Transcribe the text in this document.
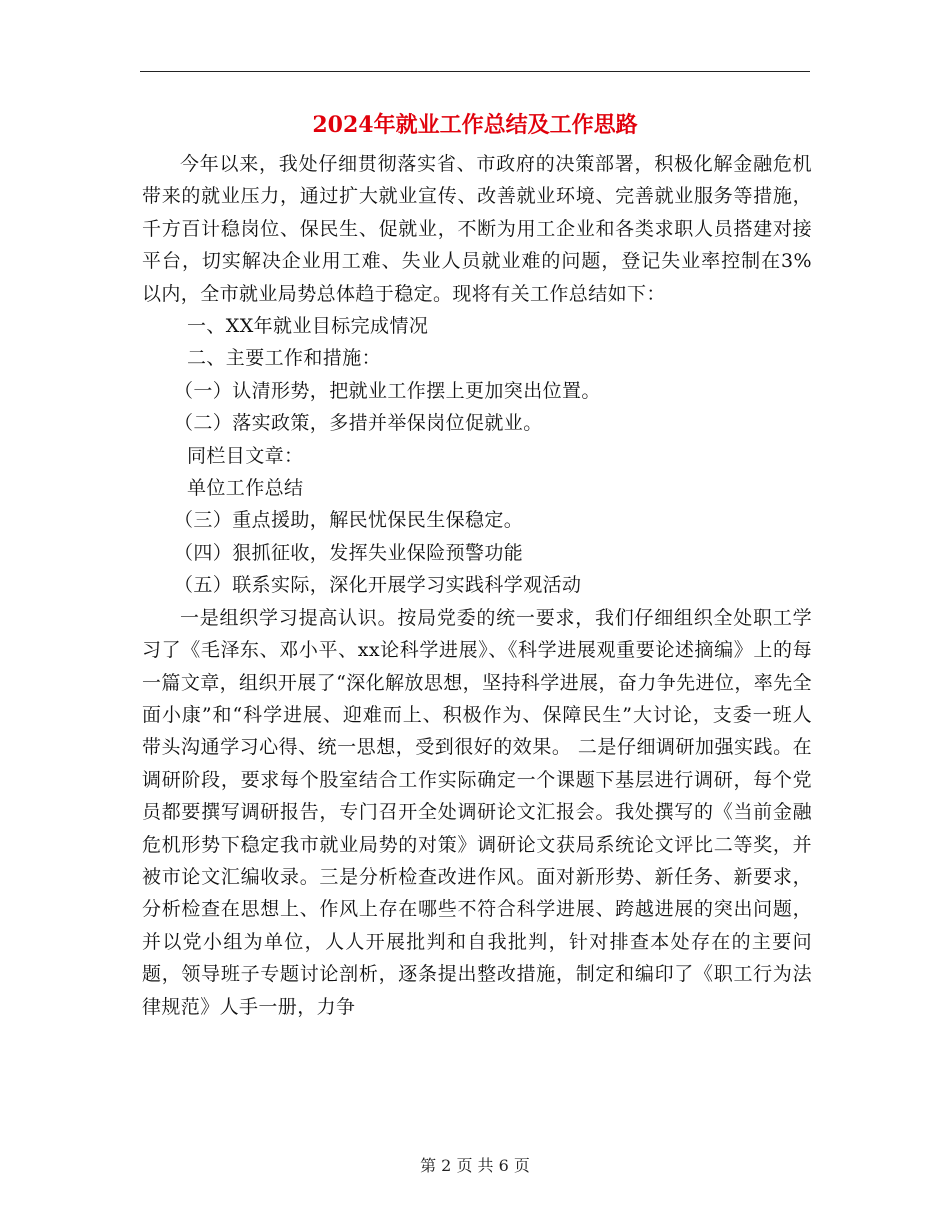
2024年就业工作总结及工作思路

今年以来，我处仔细贯彻落实省、市政府的决策部署，积极化解金融危机带来的就业压力，通过扩大就业宣传、改善就业环境、完善就业服务等措施，千方百计稳岗位、保民生、促就业，不断为用工企业和各类求职人员搭建对接平台，切实解决企业用工难、失业人员就业难的问题，登记失业率控制在3%以内，全市就业局势总体趋于稳定。现将有关工作总结如下：

一、XX年就业目标完成情况

二、主要工作和措施：

（一）认清形势，把就业工作摆上更加突出位置。

（二）落实政策，多措并举保岗位促就业。

同栏目文章：

单位工作总结

（三）重点援助，解民忧保民生保稳定。

（四）狠抓征收，发挥失业保险预警功能

（五）联系实际，深化开展学习实践科学观活动

一是组织学习提高认识。按局党委的统一要求，我们仔细组织全处职工学习了《毛泽东、邓小平、xx论科学进展》、《科学进展观重要论述摘编》上的每一篇文章，组织开展了“深化解放思想，坚持科学进展，奋力争先进位，率先全面小康”和“科学进展、迎难而上、积极作为、保障民生”大讨论，支委一班人带头沟通学习心得、统一思想，受到很好的效果。 二是仔细调研加强实践。在调研阶段，要求每个股室结合工作实际确定一个课题下基层进行调研，每个党员都要撰写调研报告，专门召开全处调研论文汇报会。我处撰写的《当前金融危机形势下稳定我市就业局势的对策》调研论文获局系统论文评比二等奖，并被市论文汇编收录。三是分析检查改进作风。面对新形势、新任务、新要求，分析检查在思想上、作风上存在哪些不符合科学进展、跨越进展的突出问题，并以党小组为单位，人人开展批判和自我批判，针对排查本处存在的主要问题，领导班子专题讨论剖析，逐条提出整改措施，制定和编印了《职工行为法律规范》人手一册，力争

第 2 页 共 6 页
